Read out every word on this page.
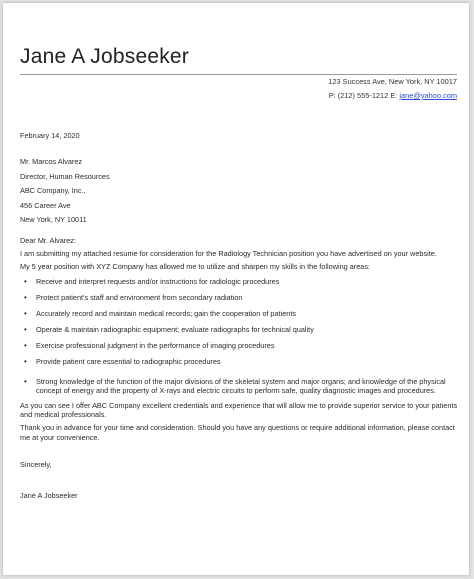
Jane A Jobseeker
123 Success Ave, New York, NY 10017
P: (212) 555-1212 E: jane@yahoo.com
February 14, 2020
Mr. Marcos Alvarez
Director, Human Resources
ABC Company, Inc.,
456 Career Ave
New York, NY 10011
Dear Mr. Alvarez:

I am submitting my attached resume for consideration for the Radiology Technician position you have advertised on your website.

My 5 year position with XYZ Company has allowed me to utilize and sharpen my skills in the following areas:

• Receive and interpret requests and/or instructions for radiologic procedures
• Protect patient's staff and environment from secondary radiation
• Accurately record and maintain medical records; gain the cooperation of patients
• Operate & maintain radiographic equipment; evaluate radiographs for technical quality
• Exercise professional judgment in the performance of imaging procedures
• Provide patient care essential to radiographic procedures
• Strong knowledge of the function of the major divisions of the skeletal system and major organs; and knowledge of the physical concept of energy and the property of X-rays and electric circuits to perform safe, quality diagnostic images and procedures.

As you can see I offer ABC Company excellent credentials and experience that will allow me to provide superior service to your patients and medical professionals.

Thank you in advance for your time and consideration. Should you have any questions or require additional information, please contact me at your convenience.

Sincerely,
Jane A Jobseeker
